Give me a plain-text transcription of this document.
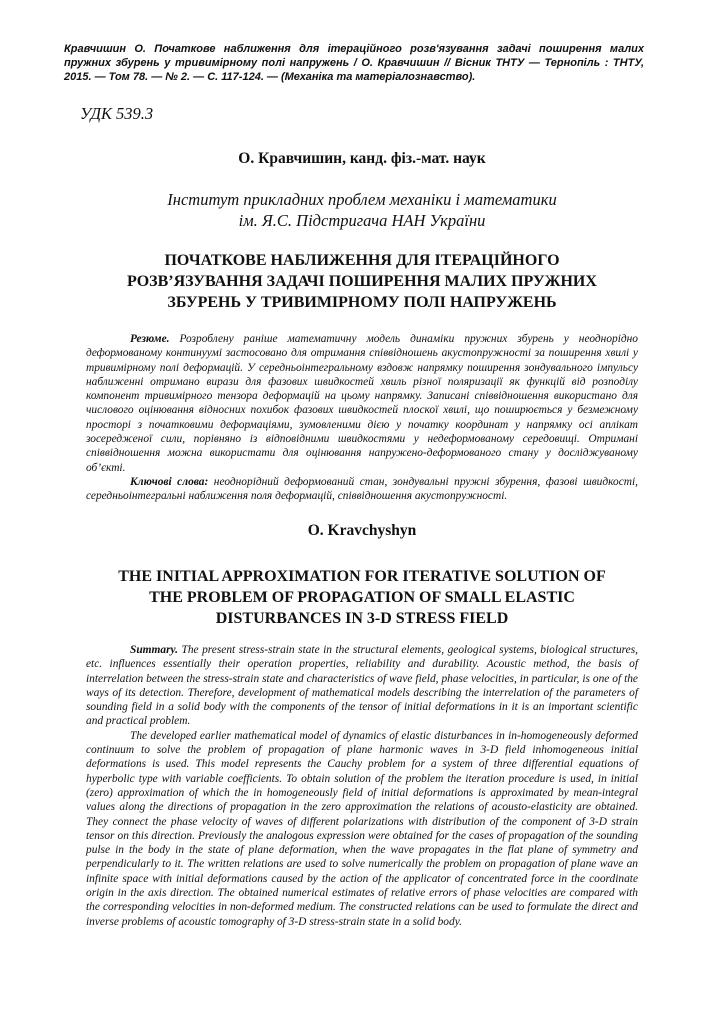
Кравчишин О. Початкове наближення для ітераційного розв'язування задачі поширення малих пружних збурень у тривимірному полі напружень / О. Кравчишин // Вісник ТНТУ — Тернопіль : ТНТУ, 2015. — Том 78. — № 2. — С. 117-124. — (Механіка та матеріалознавство).
УДК 539.3
О. Кравчишин, канд. фіз.-мат. наук
Інститут прикладних проблем механіки і математики
ім. Я.С. Підстригача НАН України
ПОЧАТКОВЕ НАБЛИЖЕННЯ ДЛЯ ІТЕРАЦІЙНОГО
РОЗВ’ЯЗУВАННЯ ЗАДАЧІ ПОШИРЕННЯ МАЛИХ ПРУЖНИХ
ЗБУРЕНЬ У ТРИВИМІРНОМУ ПОЛІ НАПРУЖЕНЬ

Резюме. Розроблену раніше математичну модель динаміки пружних збурень у неоднорідно деформованому континуумі застосовано для отримання співвідношень акустопружності за поширення хвилі у тривимірному полі деформацій. У середньоінтегральному вздовж напрямку поширення зондувального імпульсу наближенні отримано вирази для фазових швидкостей хвиль різної поляризації як функцій від розподілу компонент тривимірного тензора деформацій на цьому напрямку. Записані співвідношення використано для числового оцінювання відносних похибок фазових швидкостей плоскої хвилі, що поширюється у безмежному просторі з початковими деформаціями, зумовленими дією у початку координат у напрямку осі аплікат зосередженої сили, порівняно із відповідними швидкостями у недеформованому середовищі. Отримані співвідношення можна використати для оцінювання напружено-деформованого стану у досліджуваному об’єкті.

Ключові слова: неоднорідний деформований стан, зондувальні пружні збурення, фазові швидкості, середньоінтегральні наближення поля деформацій, співвідношення акустопружності.

O. Kravchyshyn
THE INITIAL APPROXIMATION FOR ITERATIVE SOLUTION OF
THE PROBLEM OF PROPAGATION OF SMALL ELASTIC
DISTURBANCES IN 3-D STRESS FIELD

Summary. The present stress-strain state in the structural elements, geological systems, biological structures, etc. influences essentially their operation properties, reliability and durability. Acoustic method, the basis of interrelation between the stress-strain state and characteristics of wave field, phase velocities, in particular, is one of the ways of its detection. Therefore, development of mathematical models describing the interrelation of the parameters of sounding field in a solid body with the components of the tensor of initial deformations in it is an important scientific and practical problem.

The developed earlier mathematical model of dynamics of elastic disturbances in in-homogeneously deformed continuum to solve the problem of propagation of plane harmonic waves in 3-D field inhomogeneous initial deformations is used. This model represents the Cauchy problem for a system of three differential equations of hyperbolic type with variable coefficients. To obtain solution of the problem the iteration procedure is used, in initial (zero) approximation of which the in homogeneously field of initial deformations is approximated by mean-integral values along the directions of propagation in the zero approximation the relations of acousto-elasticity are obtained. They connect the phase velocity of waves of different polarizations with distribution of the component of 3-D strain tensor on this direction. Previously the analogous expression were obtained for the cases of propagation of the sounding pulse in the body in the state of plane deformation, when the wave propagates in the flat plane of symmetry and perpendicularly to it. The written relations are used to solve numerically the problem on propagation of plane wave an infinite space with initial deformations caused by the action of the applicator of concentrated force in the coordinate origin in the axis direction. The obtained numerical estimates of relative errors of phase velocities are compared with the corresponding velocities in non-deformed medium. The constructed relations can be used to formulate the direct and inverse problems of acoustic tomography of 3-D stress-strain state in a solid body.
